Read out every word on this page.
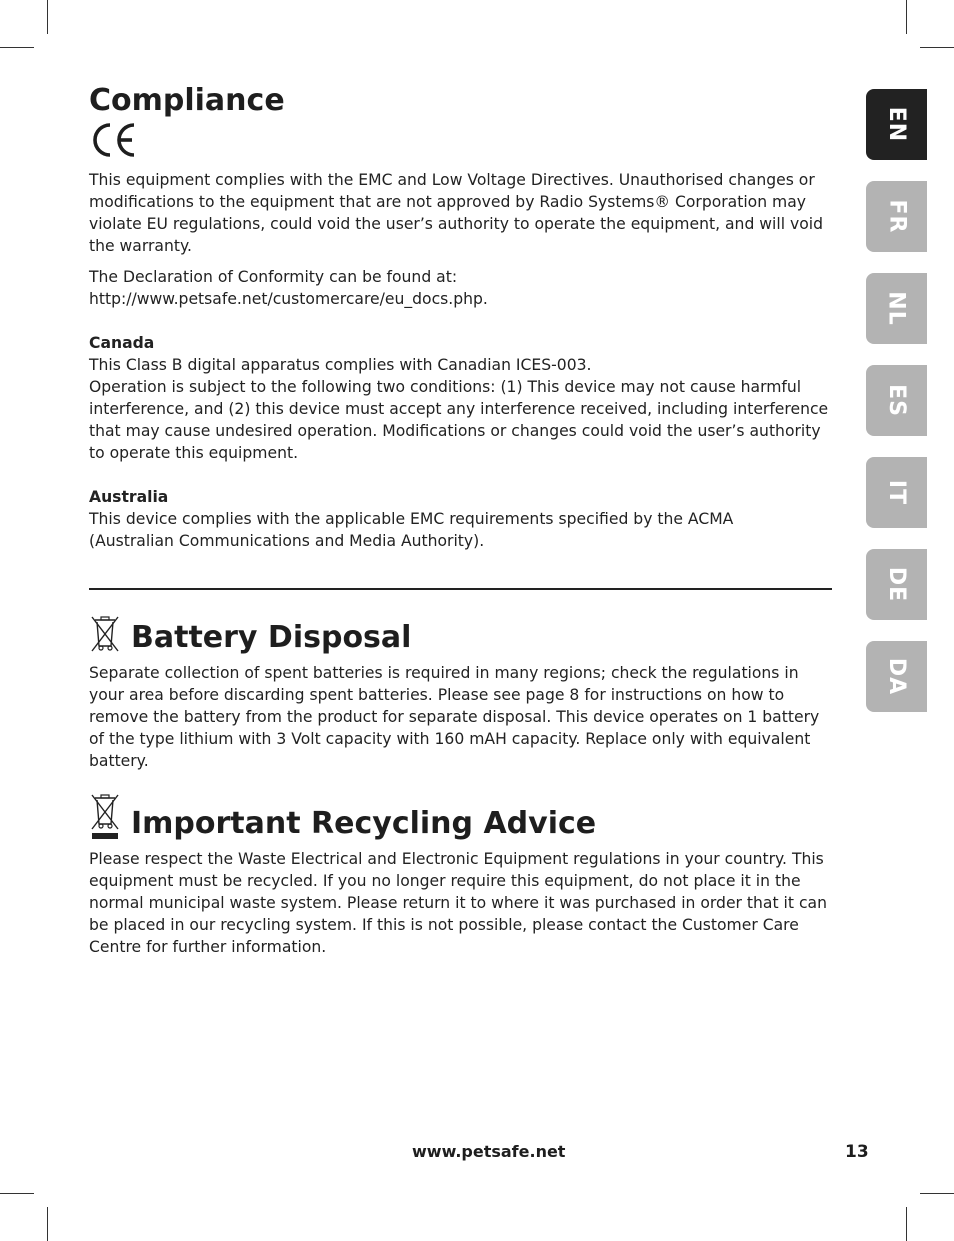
Compliance

This equipment complies with the EMC and Low Voltage Directives. Unauthorised changes or modifications to the equipment that are not approved by Radio Systems® Corporation may violate EU regulations, could void the user’s authority to operate the equipment, and will void the warranty.

The Declaration of Conformity can be found at:

http://www.petsafe.net/customercare/eu_docs.php.

Canada

This Class B digital apparatus complies with Canadian ICES-003.

Operation is subject to the following two conditions: (1) This device may not cause harmful interference, and (2) this device must accept any interference received, including interference that may cause undesired operation. Modifications or changes could void the user’s authority to operate this equipment.

Australia

This device complies with the applicable EMC requirements specified by the ACMA

(Australian Communications and Media Authority).

Battery Disposal

Separate collection of spent batteries is required in many regions; check the regulations in your area before discarding spent batteries. Please see page 8 for instructions on how to remove the battery from the product for separate disposal. This device operates on 1 battery of the type lithium with 3 Volt capacity with 160 mAH capacity. Replace only with equivalent battery.

Important Recycling Advice

Please respect the Waste Electrical and Electronic Equipment regulations in your country. This equipment must be recycled. If you no longer require this equipment, do not place it in the normal municipal waste system. Please return it to where it was purchased in order that it can be placed in our recycling system. If this is not possible, please contact the Customer Care Centre for further information.

EN
FR
NL
ES
IT
DE
DA
www.petsafe.net	13
